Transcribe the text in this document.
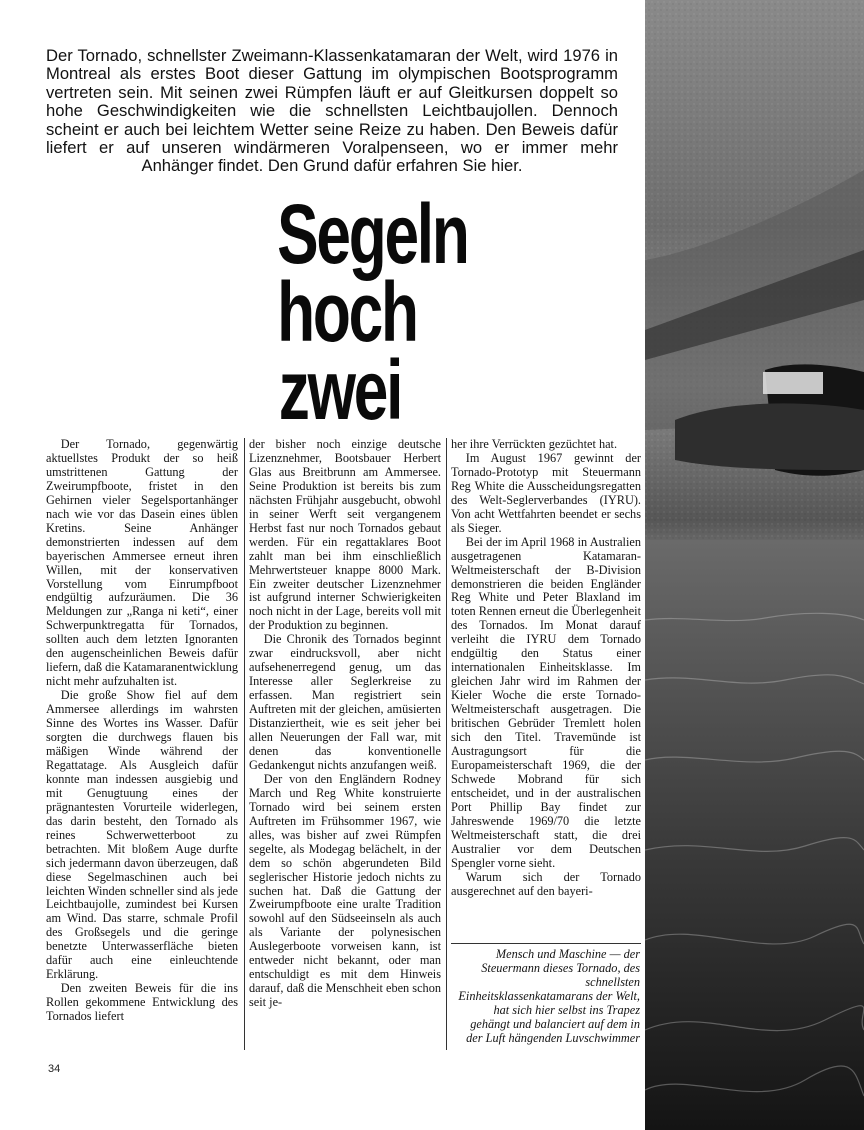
Der Tornado, schnellster Zweimann-Klassenkatamaran der Welt, wird 1976 in Montreal als erstes Boot dieser Gattung im olympischen Bootsprogramm vertreten sein. Mit seinen zwei Rümpfen läuft er auf Gleitkursen doppelt so hohe Geschwindigkeiten wie die schnellsten Leichtbaujollen. Dennoch scheint er auch bei leichtem Wetter seine Reize zu haben. Den Beweis dafür liefert er auf unseren windärmeren Voralpenseen, wo er immer mehr Anhänger findet. Den Grund dafür erfahren Sie hier.

Segeln
hoch
zwei

Der Tornado, gegenwärtig aktuellstes Produkt der so heiß umstrittenen Gattung der Zweirumpfboote, fristet in den Gehirnen vieler Segelsportanhänger nach wie vor das Dasein eines üblen Kretins. Seine Anhänger demonstrierten indessen auf dem bayerischen Ammersee erneut ihren Willen, mit der konservativen Vorstellung vom Einrumpfboot endgültig aufzuräumen. Die 36 Meldungen zur „Ranga ni keti“, einer Schwerpunktregatta für Tornados, sollten auch dem letzten Ignoranten den augenscheinlichen Beweis dafür liefern, daß die Katamaranentwicklung nicht mehr aufzuhalten ist.

Die große Show fiel auf dem Ammersee allerdings im wahrsten Sinne des Wortes ins Wasser. Dafür sorgten die durchwegs flauen bis mäßigen Winde während der Regattatage. Als Ausgleich dafür konnte man indessen ausgiebig und mit Genugtuung eines der prägnantesten Vorurteile widerlegen, das darin besteht, den Tornado als reines Schwerwetterboot zu betrachten. Mit bloßem Auge durfte sich jedermann davon überzeugen, daß diese Segelmaschinen auch bei leichten Winden schneller sind als jede Leichtbaujolle, zumindest bei Kursen am Wind. Das starre, schmale Profil des Großsegels und die geringe benetzte Unterwasserfläche bieten dafür auch eine einleuchtende Erklärung.

Den zweiten Beweis für die ins Rollen gekommene Entwicklung des Tornados liefert

der bisher noch einzige deutsche Lizenznehmer, Bootsbauer Herbert Glas aus Breitbrunn am Ammersee. Seine Produktion ist bereits bis zum nächsten Frühjahr ausgebucht, obwohl in seiner Werft seit vergangenem Herbst fast nur noch Tornados gebaut werden. Für ein regattaklares Boot zahlt man bei ihm einschließlich Mehrwertsteuer knappe 8000 Mark. Ein zweiter deutscher Lizenznehmer ist aufgrund interner Schwierigkeiten noch nicht in der Lage, bereits voll mit der Produktion zu beginnen.

Die Chronik des Tornados beginnt zwar eindrucksvoll, aber nicht aufsehenerregend genug, um das Interesse aller Seglerkreise zu erfassen. Man registriert sein Auftreten mit der gleichen, amüsierten Distanziertheit, wie es seit jeher bei allen Neuerungen der Fall war, mit denen das konventionelle Gedankengut nichts anzufangen weiß.

Der von den Engländern Rodney March und Reg White konstruierte Tornado wird bei seinem ersten Auftreten im Frühsommer 1967, wie alles, was bisher auf zwei Rümpfen segelte, als Modegag belächelt, in der dem so schön abgerundeten Bild seglerischer Historie jedoch nichts zu suchen hat. Daß die Gattung der Zweirumpfboote eine uralte Tradition sowohl auf den Südseeinseln als auch als Variante der polynesischen Auslegerboote vorweisen kann, ist entweder nicht bekannt, oder man entschuldigt es mit dem Hinweis darauf, daß die Menschheit eben schon seit je-

her ihre Verrückten gezüchtet hat.

Im August 1967 gewinnt der Tornado-Prototyp mit Steuermann Reg White die Ausscheidungsregatten des Welt-Seglerverbandes (IYRU). Von acht Wettfahrten beendet er sechs als Sieger.

Bei der im April 1968 in Australien ausgetragenen Katamaran-Weltmeisterschaft der B-Division demonstrieren die beiden Engländer Reg White und Peter Blaxland im toten Rennen erneut die Überlegenheit des Tornados. Im Monat darauf verleiht die IYRU dem Tornado endgültig den Status einer internationalen Einheitsklasse. Im gleichen Jahr wird im Rahmen der Kieler Woche die erste Tornado-Weltmeisterschaft ausgetragen. Die britischen Gebrüder Tremlett holen sich den Titel. Travemünde ist Austragungsort für die Europameisterschaft 1969, die der Schwede Mobrand für sich entscheidet, und in der australischen Port Phillip Bay findet zur Jahreswende 1969/70 die letzte Weltmeisterschaft statt, die drei Australier vor dem Deutschen Spengler vorne sieht.

Warum sich der Tornado ausgerechnet auf den bayeri-

Mensch und Maschine — der Steuermann dieses Tornado, des schnellsten Einheitsklassenkatamarans der Welt, hat sich hier selbst ins Trapez gehängt und balanciert auf dem in der Luft hängenden Luvschwimmer

34
